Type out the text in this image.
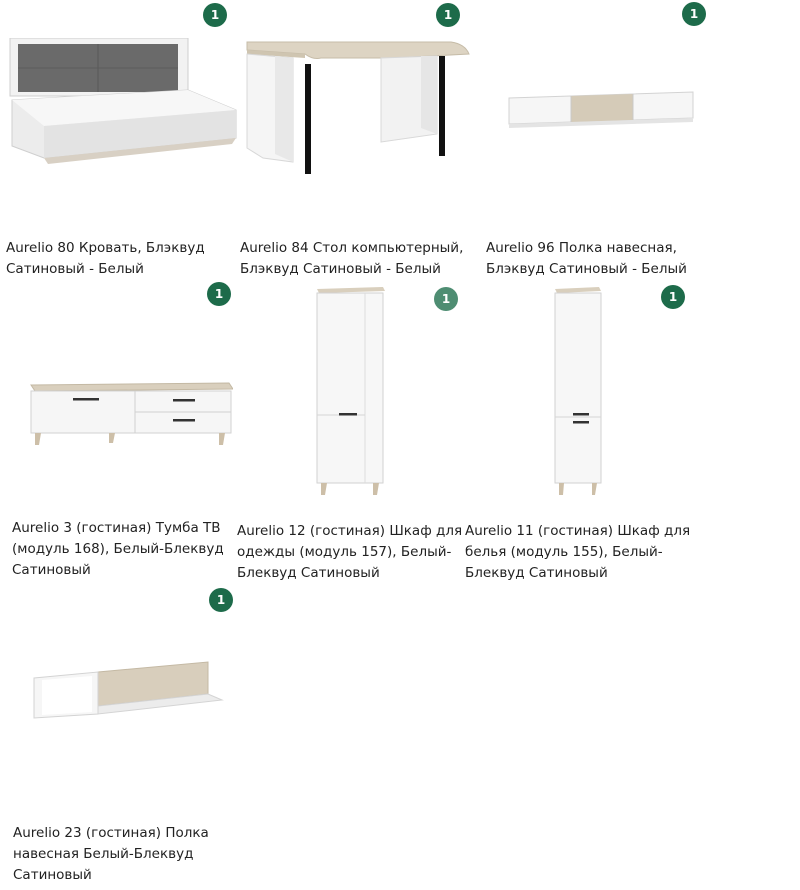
1
Aurelio 80 Кровать, Блэквуд Сатиновый - Белый
1
Aurelio 84 Стол компьютерный, Блэквуд Сатиновый - Белый
1
Aurelio 96 Полка навесная, Блэквуд Сатиновый - Белый
1
Aurelio 3 (гостиная) Тумба ТВ (модуль 168), Белый-Блеквуд Сатиновый
1
Aurelio 12 (гостиная) Шкаф для одежды (модуль 157), Белый-Блеквуд Сатиновый
1
Aurelio 11 (гостиная) Шкаф для белья (модуль 155), Белый-Блеквуд Сатиновый
1
Aurelio 23 (гостиная) Полка навесная Белый-Блеквуд Сатиновый
